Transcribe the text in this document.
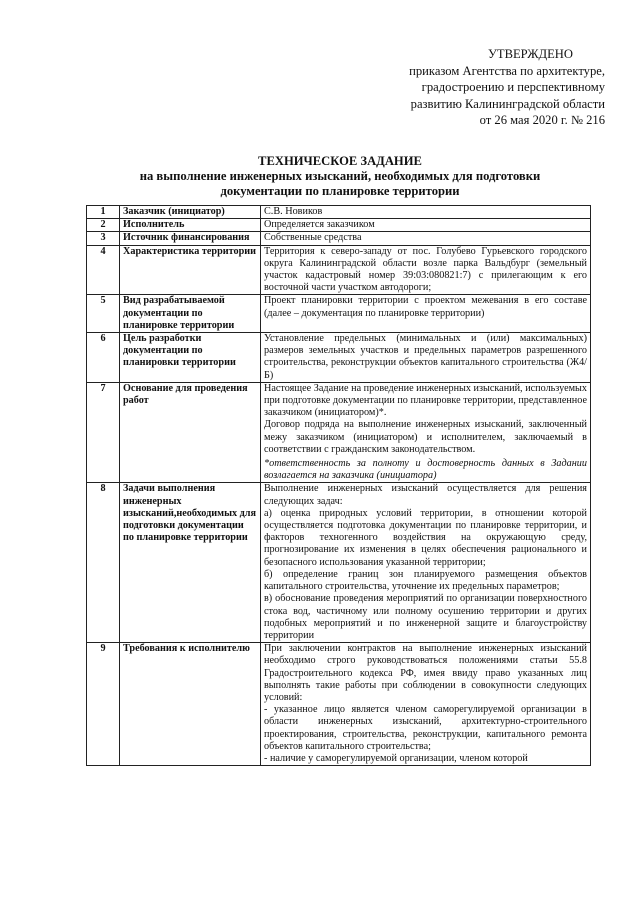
УТВЕРЖДЕНО
приказом Агентства по архитектуре,
градостроению и перспективному
развитию Калининградской области
от 26 мая 2020 г. № 216
ТЕХНИЧЕСКОЕ ЗАДАНИЕ
на выполнение инженерных изысканий, необходимых для подготовки
документации по планировке территории
1	Заказчик (инициатор)	С.В. Новиков

2	Исполнитель	Определяется заказчиком

3	Источник финансирования	Собственные средства

4	Характеристика территории	Территория к северо-западу от пос. Голубево Гурьевского городского округа Калининградской области возле парка Вальдбург (земельный участок кадастровый номер 39:03:080821:7) с прилегающим к его восточной части участком автодороги;

5	Вид разрабатываемой документации по планировке территории	Проект планировки территории с проектом межевания в его составе (далее – документация по планировке территории)

6	Цель разработки документации по планировки территории	Установление предельных (минимальных и (или) максимальных) размеров земельных участков и предельных параметров разрешенного строительства, реконструкции объектов капитального строительства (Ж4/Б)

7	Основание для проведения работ	Настоящее Задание на проведение инженерных изысканий, используемых при подготовке документации по планировке территории, представленное заказчиком (инициатором)*.

Договор подряда на выполнение инженерных изысканий, заключенный межу заказчиком (инициатором) и исполнителем, заключаемый в соответствии с гражданским законодательством.

*ответственность за полноту и достоверность данных в Задании возлагается на заказчика (инициатора)

8	Задачи выполнения инженерных изысканий,необходимых для подготовки документации по планировке территории	Выполнение инженерных изысканий осуществляется для решения следующих задач:

а) оценка природных условий территории, в отношении которой осуществляется подготовка документации по планировке территории, и факторов техногенного воздействия на окружающую среду, прогнозирование их изменения в целях обеспечения рационального и безопасного использования указанной территории;

б) определение границ зон планируемого размещения объектов капитального строительства, уточнение их предельных параметров;

в) обоснование проведения мероприятий по организации поверхностного стока вод, частичному или полному осушению территории и других подобных мероприятий и по инженерной защите и благоустройству территории

9	Требования к исполнителю	При заключении контрактов на выполнение инженерных изысканий необходимо строго руководствоваться положениями статьи 55.8 Градостроительного кодекса РФ, имея ввиду право указанных лиц выполнять такие работы при соблюдении в совокупности следующих условий:

- указанное лицо является членом саморегулируемой организации в области инженерных изысканий, архитектурно-строительного проектирования, строительства, реконструкции, капитального ремонта объектов капитального строительства;

- наличие у саморегулируемой организации, членом которой
